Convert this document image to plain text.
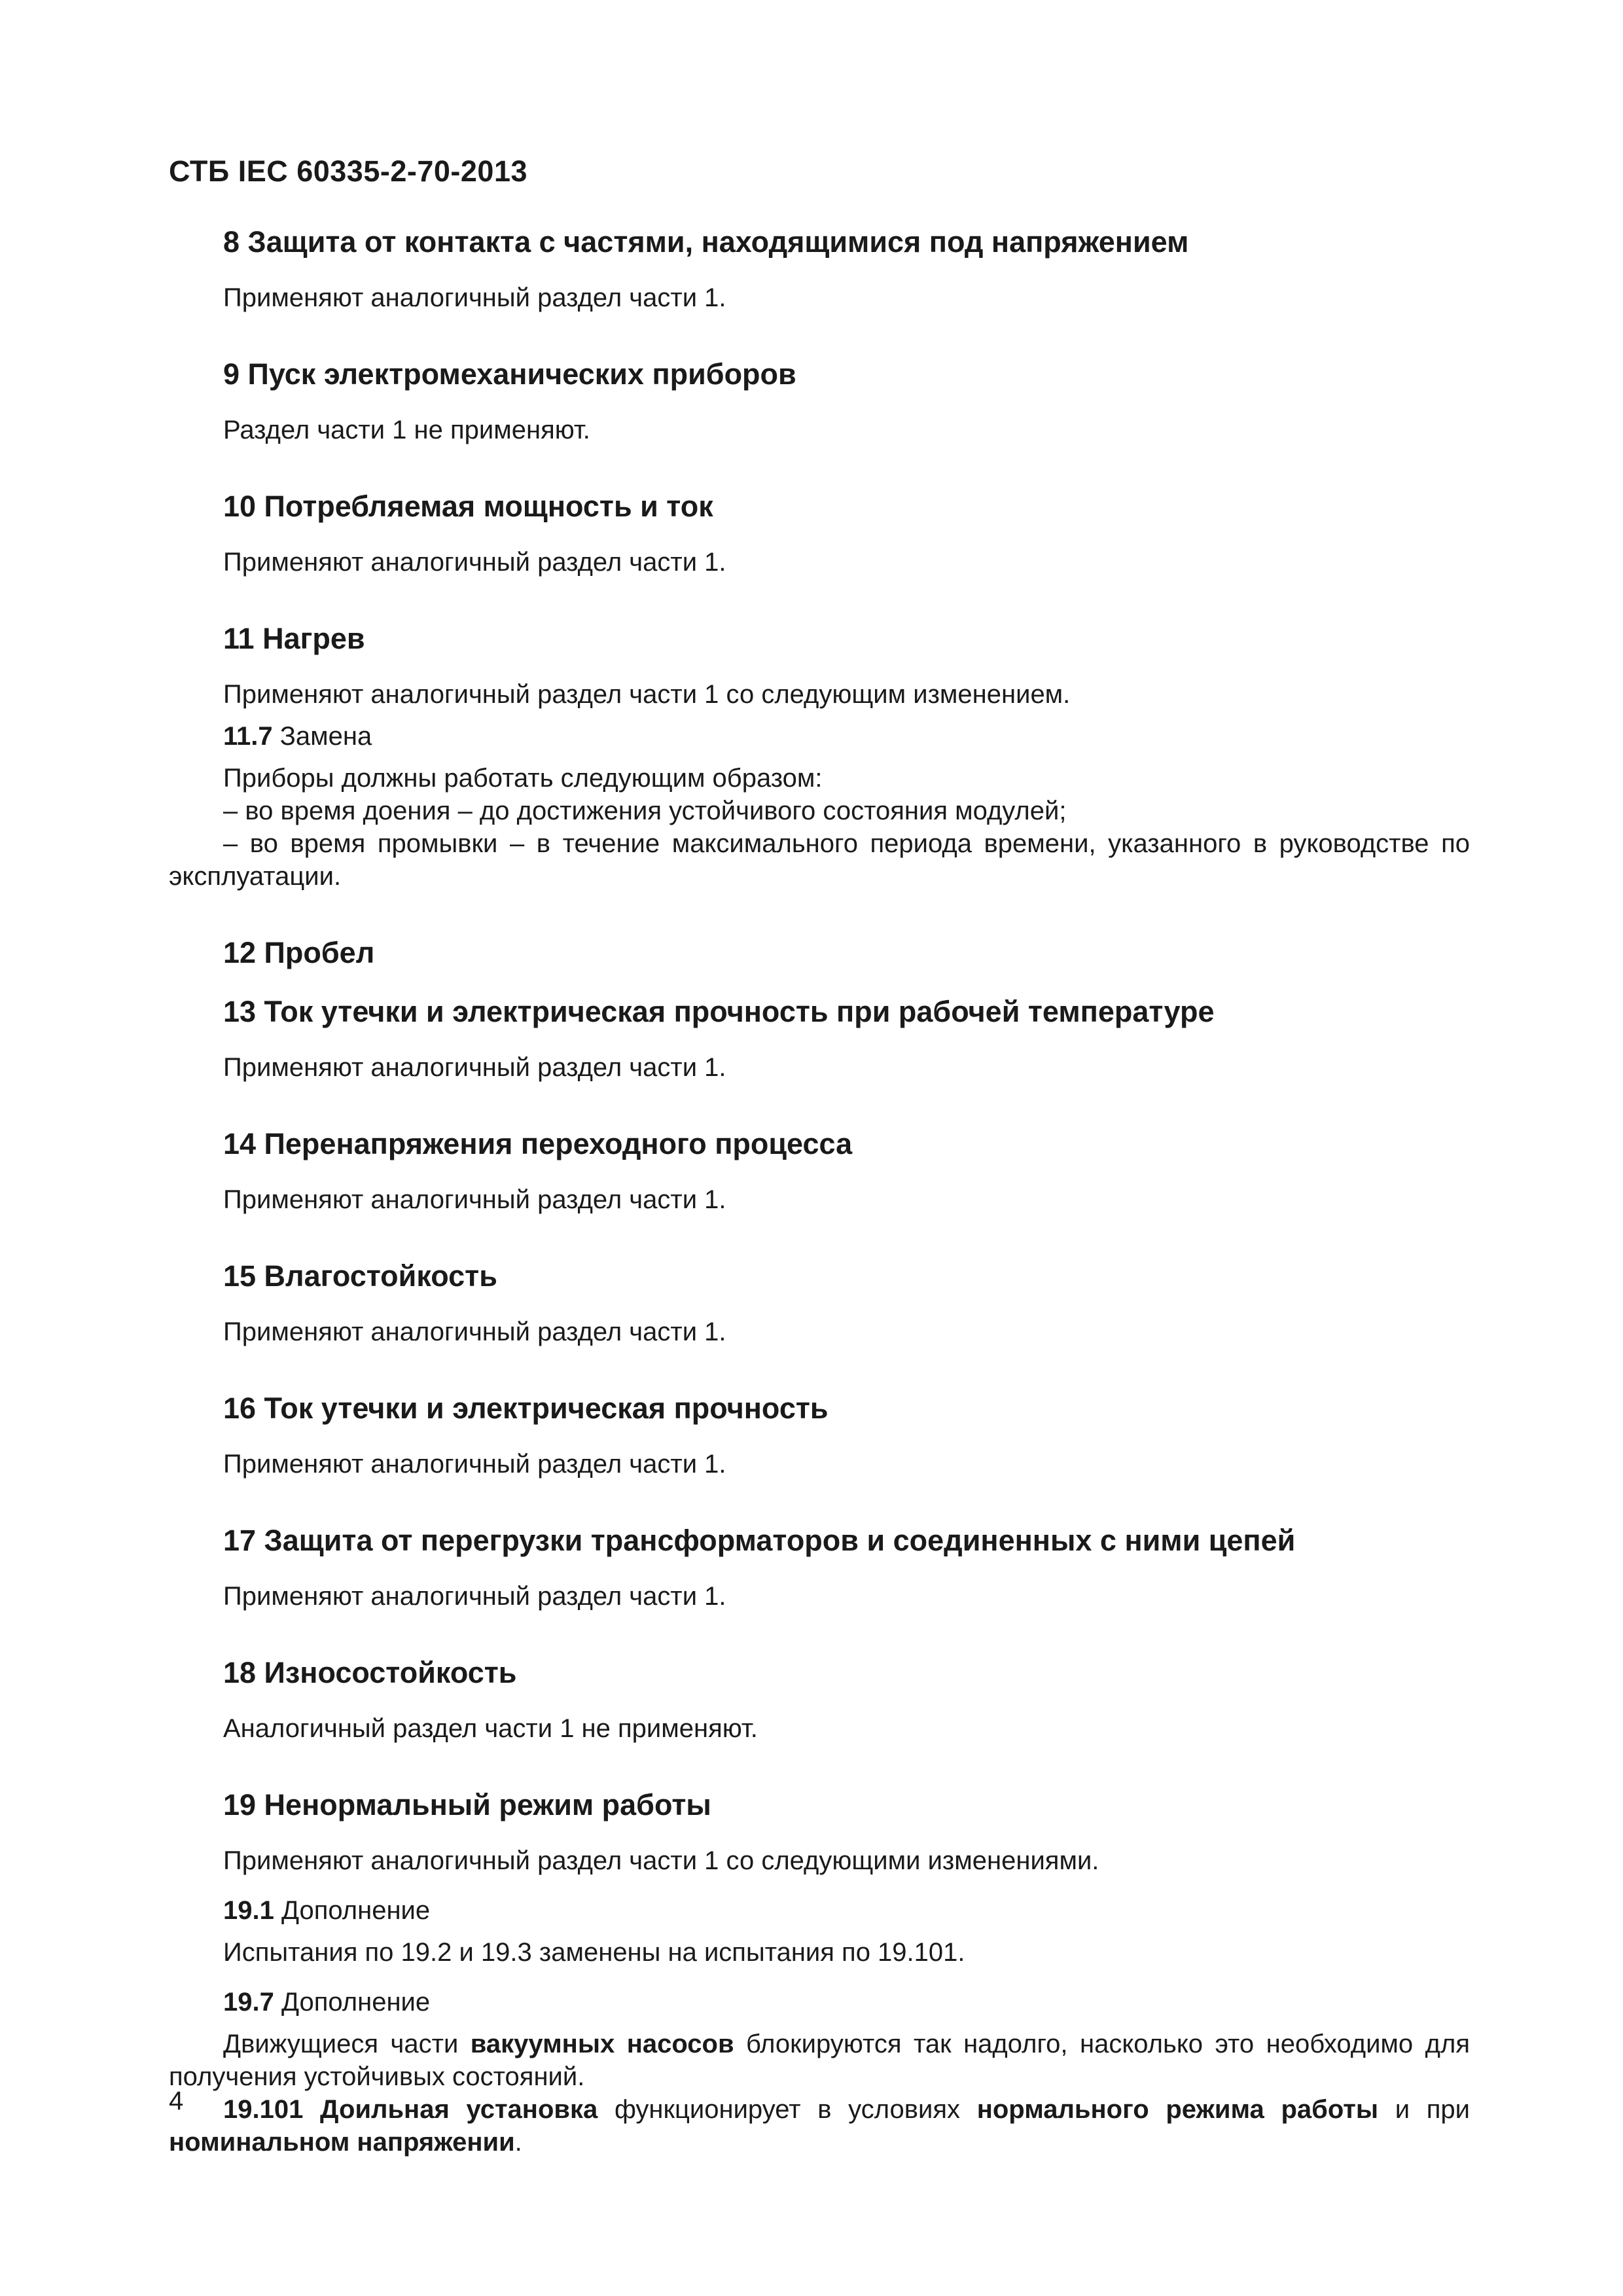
СТБ IEC 60335-2-70-2013
8 Защита от контакта с частями, находящимися под напряжением
Применяют аналогичный раздел части 1.
9 Пуск электромеханических приборов
Раздел части 1 не применяют.
10 Потребляемая мощность и ток
Применяют аналогичный раздел части 1.
11 Нагрев
Применяют аналогичный раздел части 1 со следующим изменением.
11.7 Замена
Приборы должны работать следующим образом:
– во время доения – до достижения устойчивого состояния модулей;

– во время промывки – в течение максимального периода времени, указанного в руководстве по эксплуатации.

12 Пробел
13 Ток утечки и электрическая прочность при рабочей температуре
Применяют аналогичный раздел части 1.
14 Перенапряжения переходного процесса
Применяют аналогичный раздел части 1.
15 Влагостойкость
Применяют аналогичный раздел части 1.
16 Ток утечки и электрическая прочность
Применяют аналогичный раздел части 1.
17 Защита от перегрузки трансформаторов и соединенных с ними цепей
Применяют аналогичный раздел части 1.
18 Износостойкость
Аналогичный раздел части 1 не применяют.
19 Ненормальный режим работы
Применяют аналогичный раздел части 1 со следующими изменениями.
19.1 Дополнение
Испытания по 19.2 и 19.3 заменены на испытания по 19.101.
19.7 Дополнение

Движущиеся части вакуумных насосов блокируются так надолго, насколько это необходимо для получения устойчивых состояний.

19.101 Доильная установка функционирует в условиях нормального режима работы и при номинальном напряжении.

4
